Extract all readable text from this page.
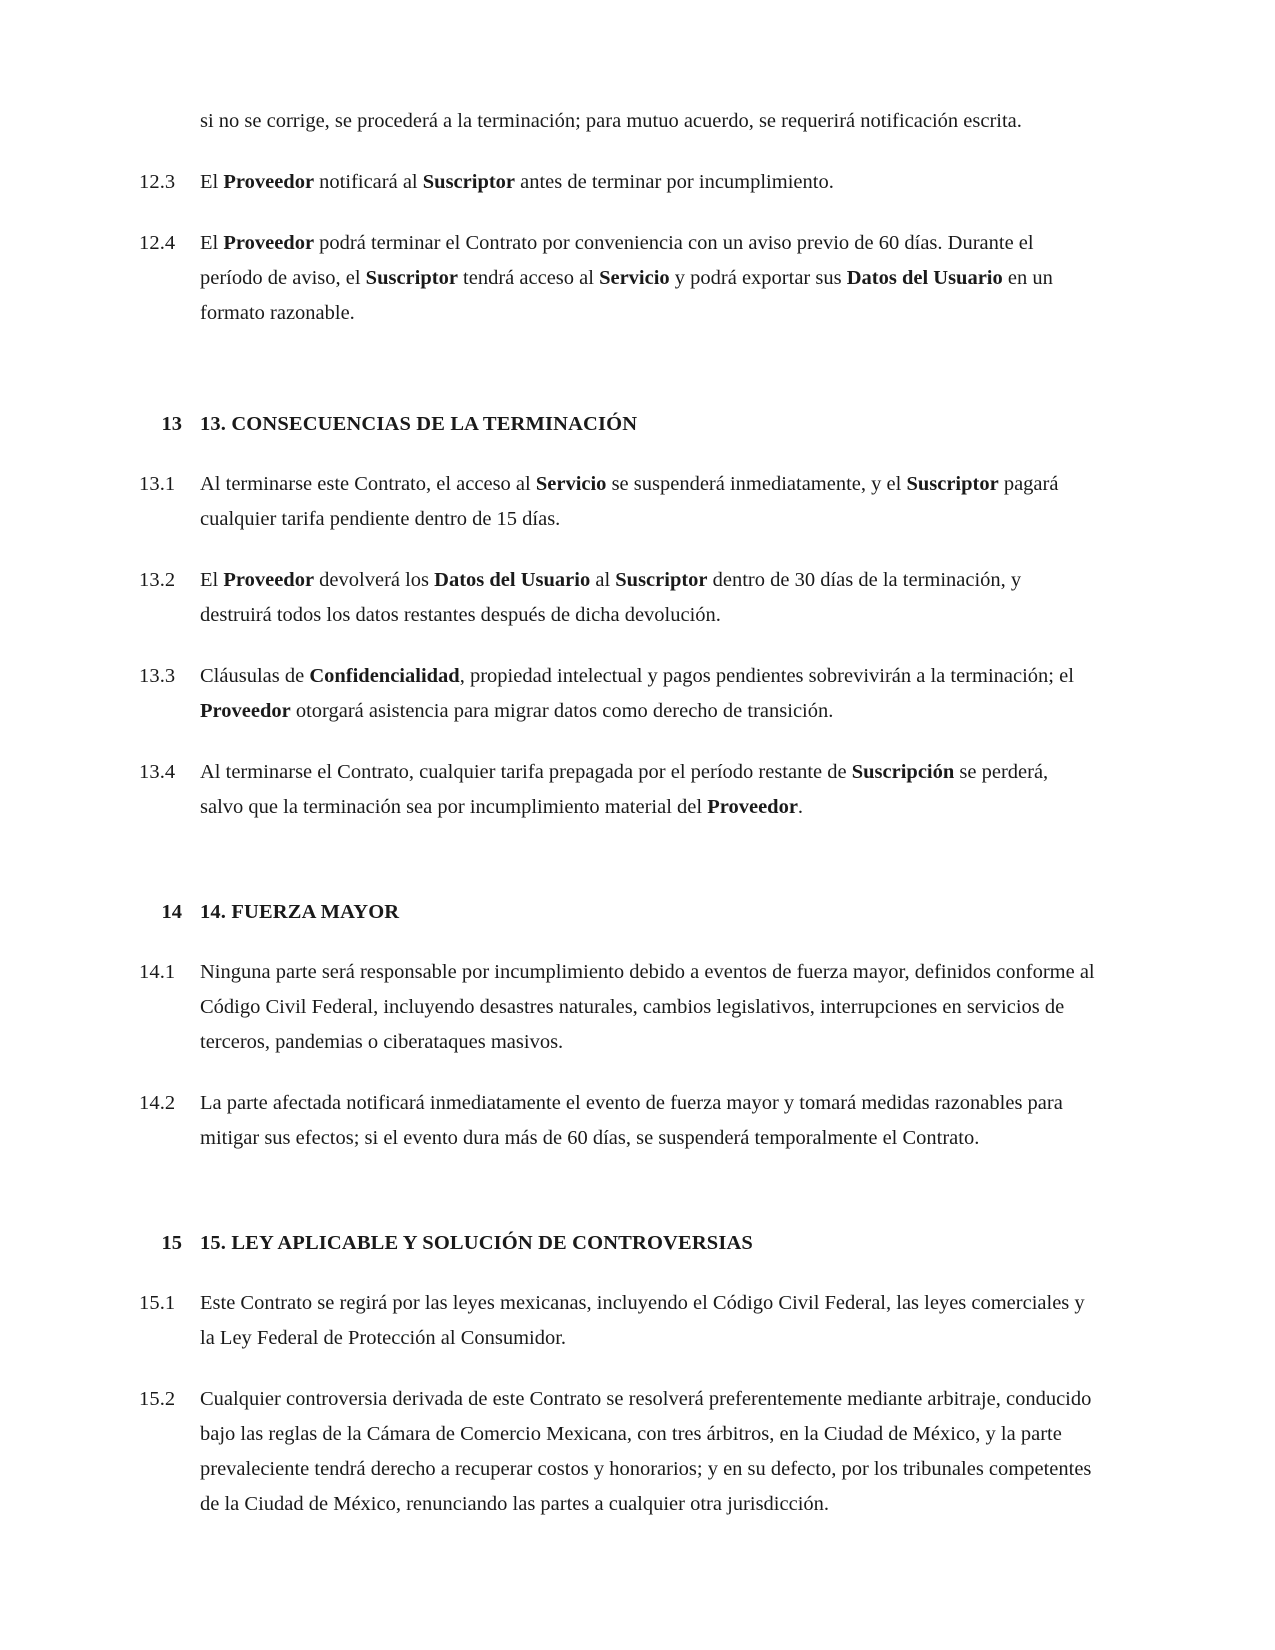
si no se corrige, se procederá a la terminación; para mutuo acuerdo, se requerirá notificación escrita.
12.3	El Proveedor notificará al Suscriptor antes de terminar por incumplimiento.
12.4	El Proveedor podrá terminar el Contrato por conveniencia con un aviso previo de 60 días. Durante el período de aviso, el Suscriptor tendrá acceso al Servicio y podrá exportar sus Datos del Usuario en un formato razonable.
13 13. CONSECUENCIAS DE LA TERMINACIÓN
13.1	Al terminarse este Contrato, el acceso al Servicio se suspenderá inmediatamente, y el Suscriptor pagará cualquier tarifa pendiente dentro de 15 días.
13.2	El Proveedor devolverá los Datos del Usuario al Suscriptor dentro de 30 días de la terminación, y destruirá todos los datos restantes después de dicha devolución.
13.3	Cláusulas de Confidencialidad, propiedad intelectual y pagos pendientes sobrevivirán a la terminación; el Proveedor otorgará asistencia para migrar datos como derecho de transición.
13.4	Al terminarse el Contrato, cualquier tarifa prepagada por el período restante de Suscripción se perderá, salvo que la terminación sea por incumplimiento material del Proveedor.
14 14. FUERZA MAYOR
14.1	Ninguna parte será responsable por incumplimiento debido a eventos de fuerza mayor, definidos conforme al Código Civil Federal, incluyendo desastres naturales, cambios legislativos, interrupciones en servicios de terceros, pandemias o ciberataques masivos.
14.2	La parte afectada notificará inmediatamente el evento de fuerza mayor y tomará medidas razonables para mitigar sus efectos; si el evento dura más de 60 días, se suspenderá temporalmente el Contrato.
15 15. LEY APLICABLE Y SOLUCIÓN DE CONTROVERSIAS
15.1	Este Contrato se regirá por las leyes mexicanas, incluyendo el Código Civil Federal, las leyes comerciales y la Ley Federal de Protección al Consumidor.
15.2	Cualquier controversia derivada de este Contrato se resolverá preferentemente mediante arbitraje, conducido bajo las reglas de la Cámara de Comercio Mexicana, con tres árbitros, en la Ciudad de México, y la parte prevaleciente tendrá derecho a recuperar costos y honorarios; y en su defecto, por los tribunales competentes de la Ciudad de México, renunciando las partes a cualquier otra jurisdicción.
